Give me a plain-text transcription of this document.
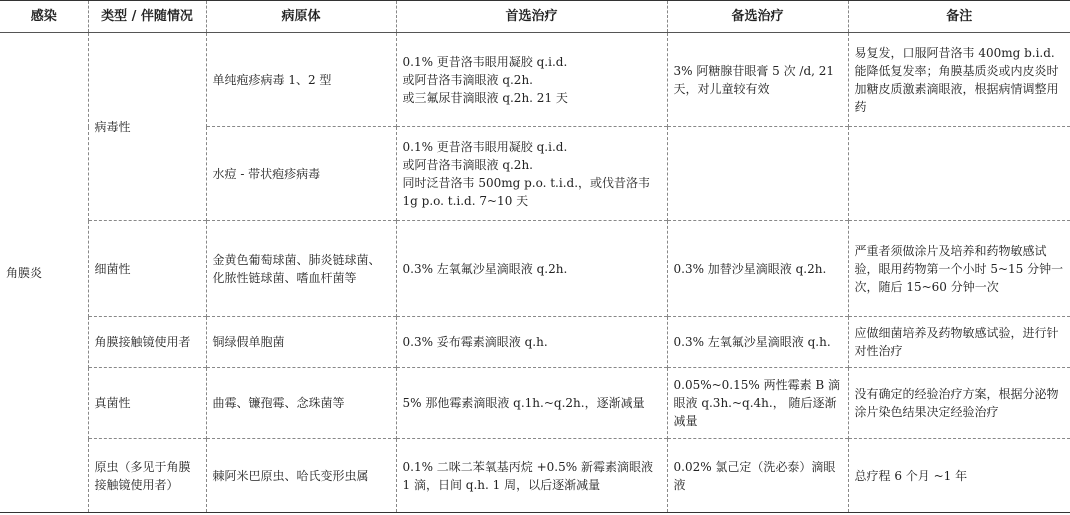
感染	类型 / 伴随情况	病原体	首选治疗	备选治疗	备注
角膜炎	病毒性	单纯疱疹病毒 1、2 型	0.1% 更昔洛韦眼用凝胶 q.i.d.
或阿昔洛韦滴眼液 q.2h.
或三氟尿苷滴眼液 q.2h. 21 天	3% 阿糖腺苷眼膏 5 次 /d, 21 天，对儿童较有效	易复发，口服阿昔洛韦 400mg b.i.d. 能降低复发率；角膜基质炎或内皮炎时加糖皮质激素滴眼液，根据病情调整用药
		水痘 - 带状疱疹病毒	0.1% 更昔洛韦眼用凝胶 q.i.d.
或阿昔洛韦滴眼液 q.2h.
同时泛昔洛韦 500mg p.o. t.i.d.，或伐昔洛韦 1g p.o. t.i.d. 7~10 天		

	细菌性	金黄色葡萄球菌、肺炎链球菌、化脓性链球菌、嗜血杆菌等	0.3% 左氧氟沙星滴眼液 q.2h.	0.3% 加替沙星滴眼液 q.2h.	严重者须做涂片及培养和药物敏感试验，眼用药物第一个小时 5~15 分钟一次，随后 15~60 分钟一次
	角膜接触镜使用者	铜绿假单胞菌	0.3% 妥布霉素滴眼液 q.h.	0.3% 左氧氟沙星滴眼液 q.h.	应做细菌培养及药物敏感试验，进行针对性治疗
	真菌性	曲霉、镰孢霉、念珠菌等	5% 那他霉素滴眼液 q.1h.~q.2h.，逐渐减量	0.05%~0.15% 两性霉素 B 滴眼液 q.3h.~q.4h.， 随后逐渐减量	没有确定的经验治疗方案，根据分泌物涂片染色结果决定经验治疗
	原虫（多见于角膜接触镜使用者）	棘阿米巴原虫、哈氏变形虫属	0.1% 二咪二苯氧基丙烷 +0.5% 新霉素滴眼液 1 滴，日间 q.h. 1 周，以后逐渐减量	0.02% 氯己定（洗必泰）滴眼液	总疗程 6 个月 ~1 年
